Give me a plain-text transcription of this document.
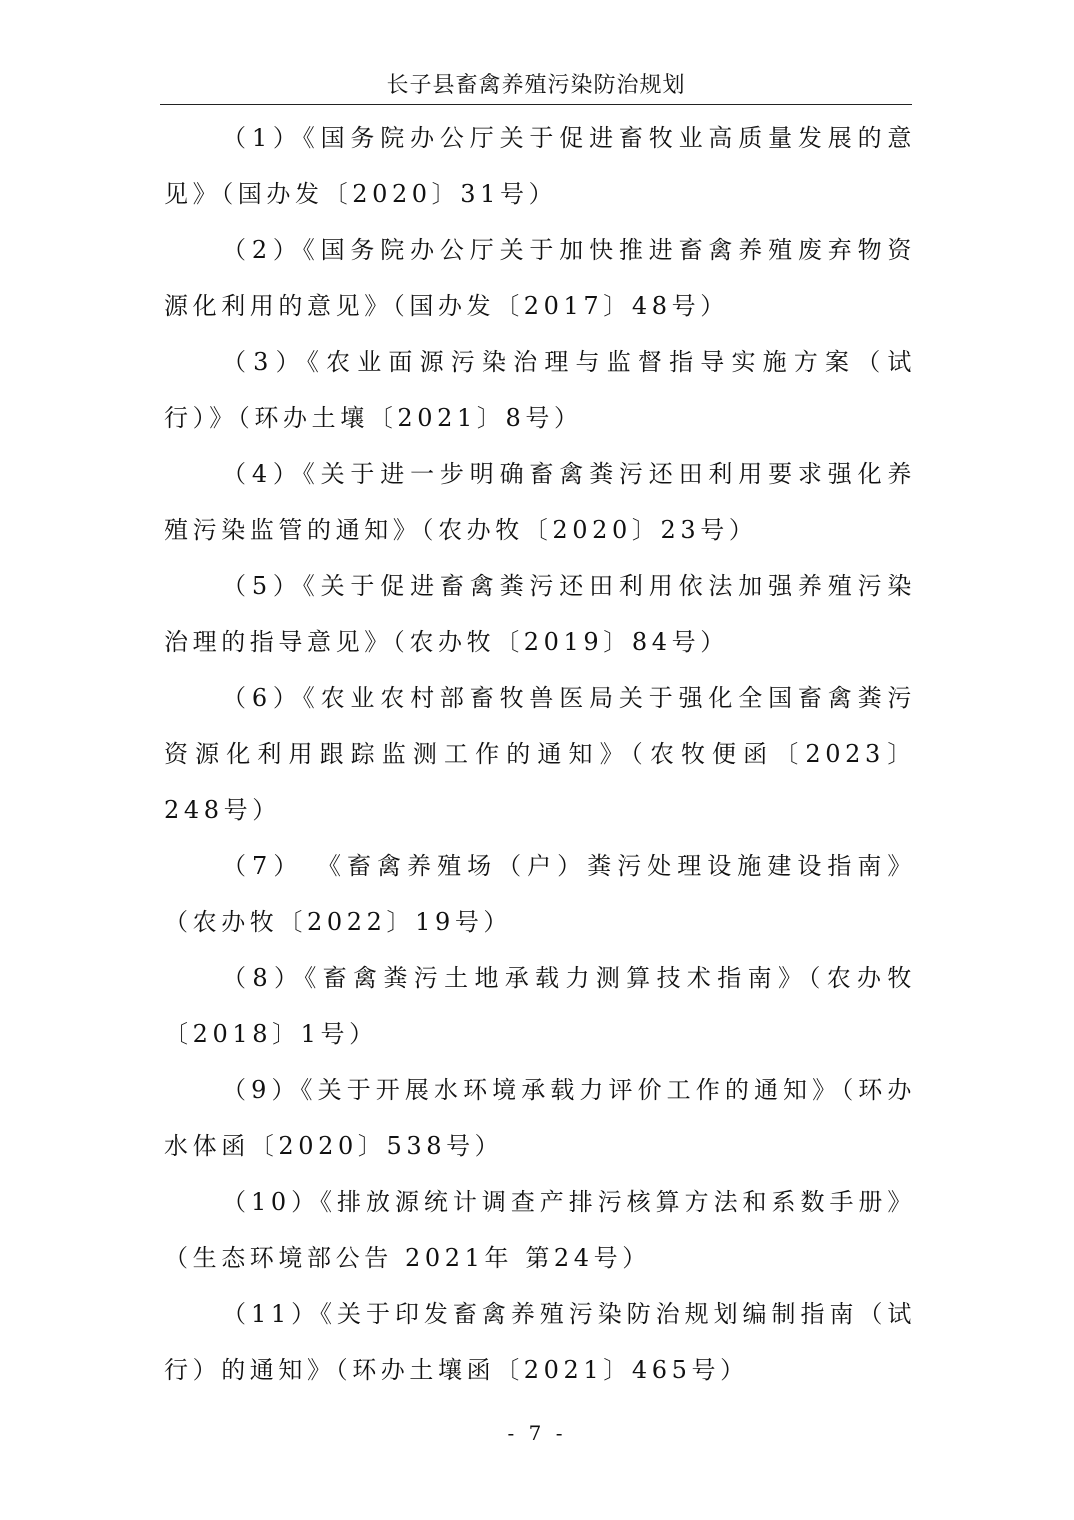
长子县畜禽养殖污染防治规划

（1）《国务院办公厅关于促进畜牧业高质量发展的意见》（国办发〔2020〕31号）

（2）《国务院办公厅关于加快推进畜禽养殖废弃物资源化利用的意见》（国办发〔2017〕48号）

（3）《农业面源污染治理与监督指导实施方案（试行）》（环办土壤〔2021〕8号）

（4）《关于进一步明确畜禽粪污还田利用要求强化养殖污染监管的通知》（农办牧〔2020〕23号）

（5）《关于促进畜禽粪污还田利用依法加强养殖污染治理的指导意见》（农办牧〔2019〕84号）

（6）《农业农村部畜牧兽医局关于强化全国畜禽粪污资源化利用跟踪监测工作的通知》（农牧便函〔2023〕248号）

（7） 《畜禽养殖场（户）粪污处理设施建设指南》（农办牧〔2022〕19号）

（8）《畜禽粪污土地承载力测算技术指南》（农办牧〔2018〕1号）

（9）《关于开展水环境承载力评价工作的通知》（环办水体函〔2020〕538号）

（10）《排放源统计调查产排污核算方法和系数手册》（生态环境部公告 2021年 第24号）

（11）《关于印发畜禽养殖污染防治规划编制指南（试行）的通知》（环办土壤函〔2021〕465号）

- 7 -
